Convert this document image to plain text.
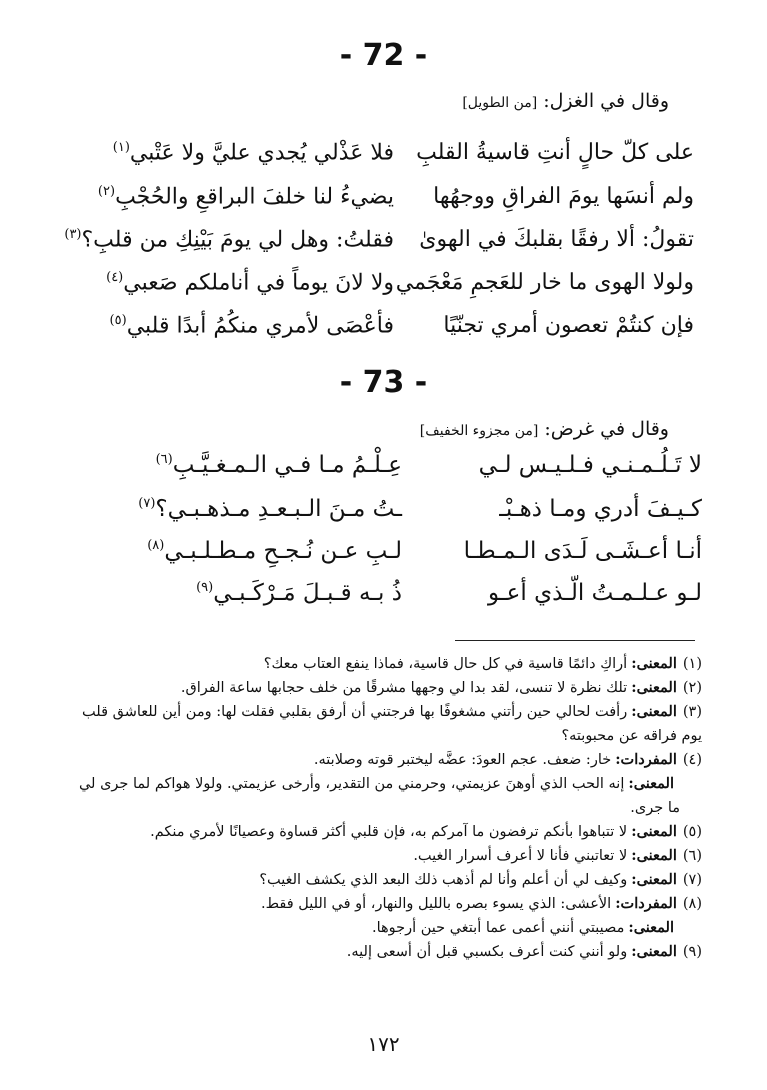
- 72 -
وقال في الغزل:[من الطويل]
على كلّ حالٍ أنتِ قاسيةُ القلبِ
فلا عَذْلي يُجدي عليَّ ولا عَتْبي$^{(١)}$
ولم أنسَها يومَ الفراقِ ووجهُها
يضيءُ لنا خلفَ البراقعِ والحُجْبِ$^{(٢)}$
تقولُ: ألا رفقًا بقلبكَ في الهوىٰ
فقلتُ: وهل لي يومَ بَيْنِكِ من قلبِ؟$^{(٣)}$
ولولا الهوى ما خار للعَجمِ مَعْجَمي
ولا لانَ يوماً في أناملكم صَعبي$^{(٤)}$
فإن كنتُمْ تعصون أمري تجنّيًا
فأعْصَى لأمري منكُمُ أبدًا قلبي$^{(٥)}$
- 73 -
وقال في غرض:[من مجزوء الخفيف]
لا تَـلُـمـنـي فـلـيـس لـي
عِـلْـمُ مـا فـي الـمـغـيَّـبِ$^{(٦)}$
كـيـفَ أدري ومـا ذهـبْـ
ـتُ مـنَ الـبـعـدِ مـذهـبـي؟$^{(٧)}$
أنـا أعـشَـى لَـدَى الـمـطـا
لـبِ عـن نُـجـحِ مـطـلـبـي$^{(٨)}$
لـو عـلـمـتُ الّـذي أعـو
ذُ بـه قـبـلَ مَـرْكَـبـي$^{(٩)}$
(١)المعنى:أراكِ دائمًا قاسية في كل حال قاسية، فماذا ينفع العتاب معك؟
(٢)المعنى:تلك نظرة لا تنسى، لقد بدا لي وجهها مشرقًا من خلف حجابها ساعة الفراق.
(٣)المعنى:رأفت لحالي حين رأتني مشغوفًا بها فرجتني أن أرفق بقلبي فقلت لها: ومن أين للعاشق قلب يوم فراقه عن محبوبته؟
(٤)المفردات:خار: ضعف. عجم العودَ: عضَّه ليختبر قوته وصلابته.
المعنى:إنه الحب الذي أوهنَ عزيمتي، وحرمني من التقدير، وأرخى عزيمتي. ولولا هواكم لما جرى لي ما جرى.
(٥)المعنى:لا تتباهوا بأنكم ترفضون ما آمركم به، فإن قلبي أكثر قساوة وعصيانًا لأمري منكم.
(٦)المعنى:لا تعاتبني فأنا لا أعرف أسرار الغيب.
(٧)المعنى:وكيف لي أن أعلم وأنا لم أذهب ذلك البعد الذي يكشف الغيب؟
(٨)المفردات:الأعشى: الذي يسوء بصره بالليل والنهار، أو في الليل فقط.
المعنى:مصيبتي أنني أعمى عما أبتغي حين أرجوها.
(٩)المعنى:ولو أنني كنت أعرف بكسبي قبل أن أسعى إليه.
١٧٢
